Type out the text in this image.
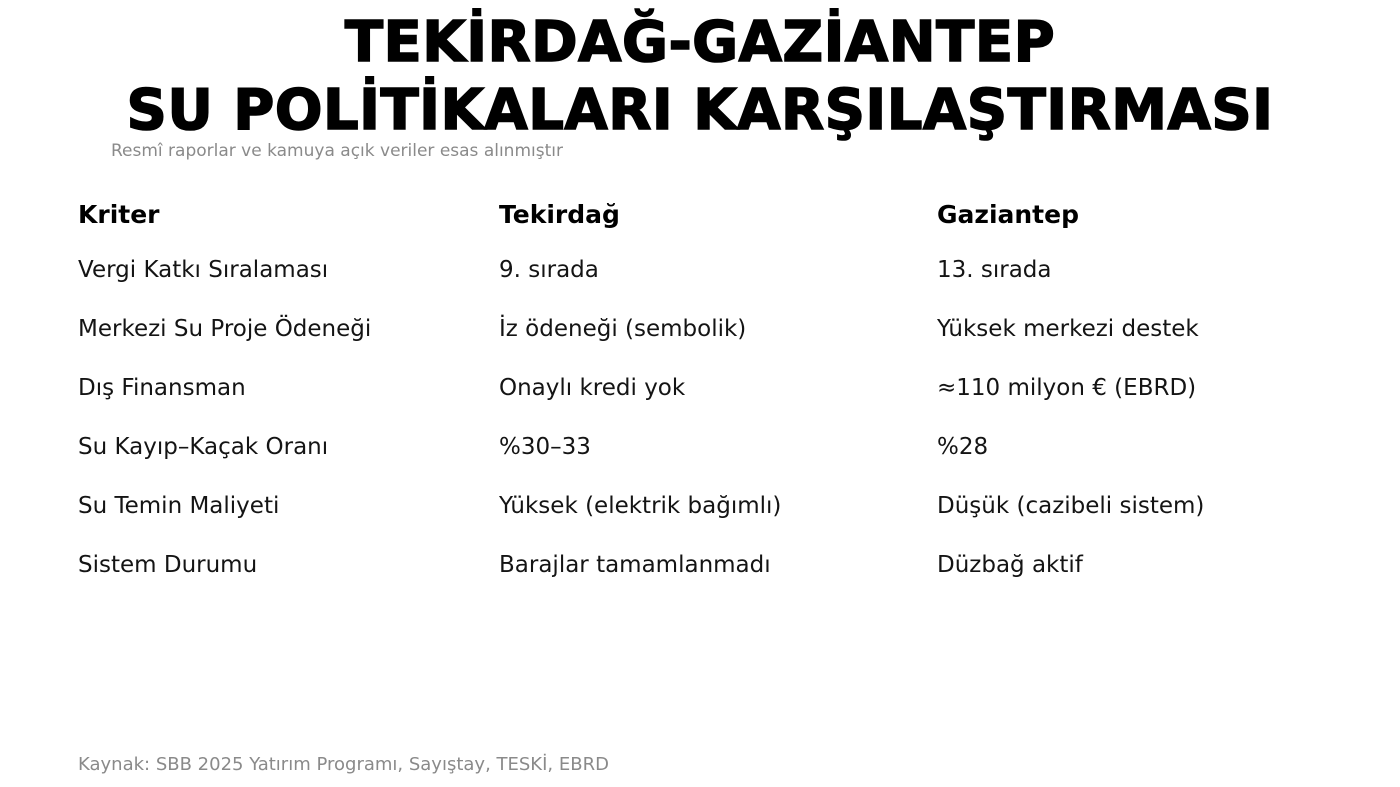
TEKİRDAĞ-GAZİANTEP
SU POLİTİKALARI KARŞILAŞTIRMASI
Resmî raporlar ve kamuya açık veriler esas alınmıştır
Kriter	Tekirdağ	Gaziantep
Vergi Katkı Sıralaması	9. sırada	13. sırada
Merkezi Su Proje Ödeneği	İz ödeneği (sembolik)	Yüksek merkezi destek
Dış Finansman	Onaylı kredi yok	≈110 milyon € (EBRD)
Su Kayıp–Kaçak Oranı	%30–33	%28
Su Temin Maliyeti	Yüksek (elektrik bağımlı)	Düşük (cazibeli sistem)
Sistem Durumu	Barajlar tamamlanmadı	Düzbağ aktif
Kaynak: SBB 2025 Yatırım Programı, Sayıştay, TESKİ, EBRD
